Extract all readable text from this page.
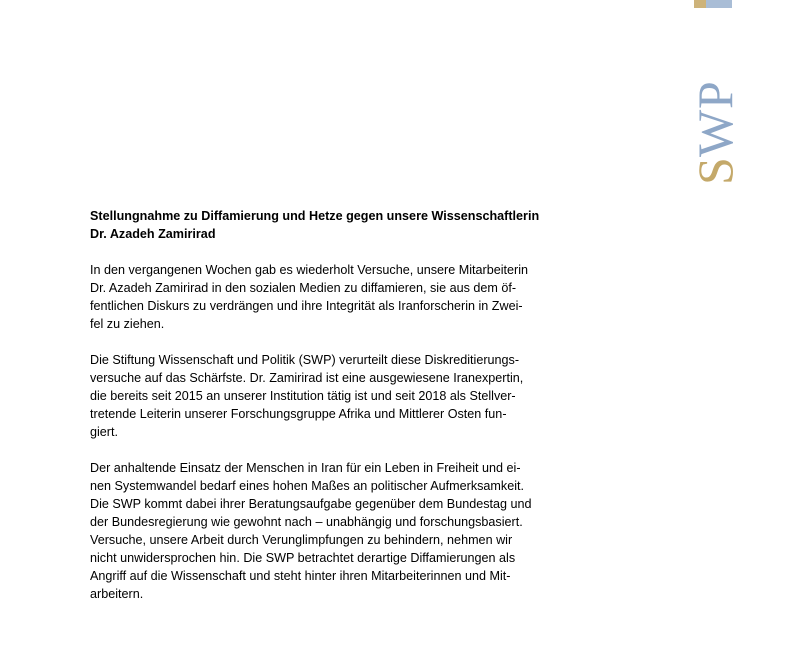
S
W
P

Stellungnahme zu Diffamierung und Hetze gegen unsere Wissenschaftlerin
Dr. Azadeh Zamirirad

In den vergangenen Wochen gab es wiederholt Versuche, unsere Mitarbeiterin
Dr. Azadeh Zamirirad in den sozialen Medien zu diffamieren, sie aus dem öf-
fentlichen Diskurs zu verdrängen und ihre Integrität als Iranforscherin in Zwei-
fel zu ziehen.

Die Stiftung Wissenschaft und Politik (SWP) verurteilt diese Diskreditierungs-
versuche auf das Schärfste. Dr. Zamirirad ist eine ausgewiesene Iranexpertin,
die bereits seit 2015 an unserer Institution tätig ist und seit 2018 als Stellver-
tretende Leiterin unserer Forschungsgruppe Afrika und Mittlerer Osten fun-
giert.

Der anhaltende Einsatz der Menschen in Iran für ein Leben in Freiheit und ei-
nen Systemwandel bedarf eines hohen Maßes an politischer Aufmerksamkeit.
Die SWP kommt dabei ihrer Beratungsaufgabe gegenüber dem Bundestag und
der Bundesregierung wie gewohnt nach – unabhängig und forschungsbasiert.
Versuche, unsere Arbeit durch Verunglimpfungen zu behindern, nehmen wir
nicht unwidersprochen hin. Die SWP betrachtet derartige Diffamierungen als
Angriff auf die Wissenschaft und steht hinter ihren Mitarbeiterinnen und Mit-
arbeitern.
